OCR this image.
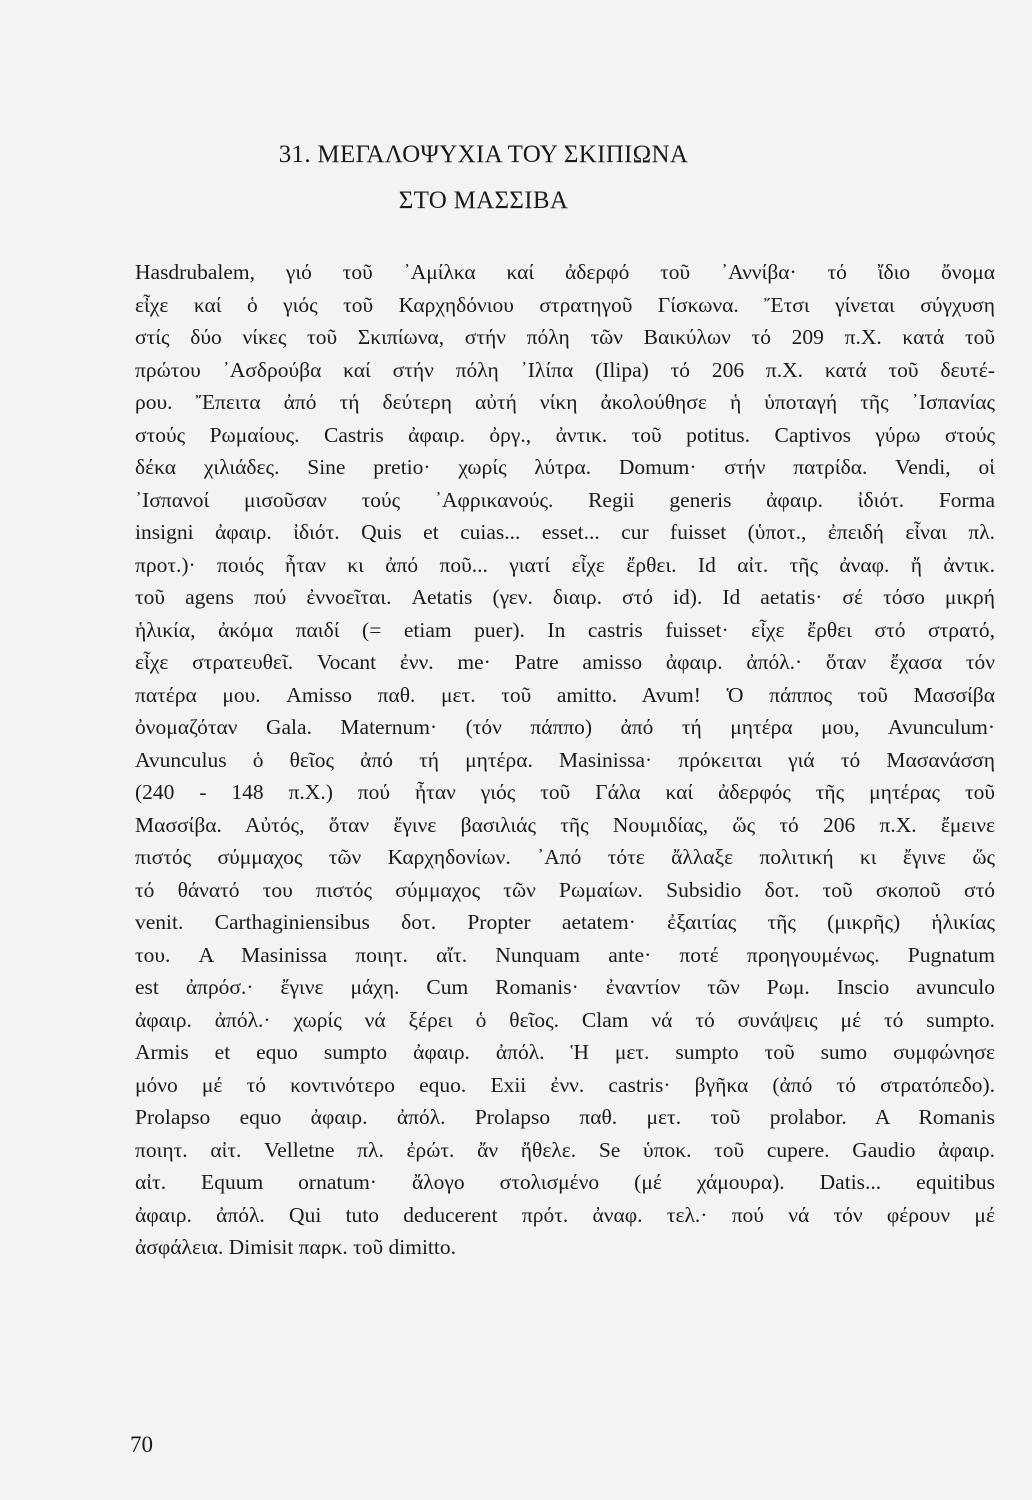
31. ΜΕΓΑΛΟΨΥΧΙΑ ΤΟΥ ΣΚΙΠΙΩΝΑ
ΣΤΟ ΜΑΣΣΙΒΑ
Hasdrubalem, γιό τοῦ ᾽Αμίλκα καί ἀδερφό τοῦ ᾽Αννίβα· τό ἴδιο ὄνομα
εἶχε καί ὁ γιός τοῦ Καρχηδόνιου στρατηγοῦ Γίσκωνα. Ἔτσι γίνεται σύγχυση
στίς δύο νίκες τοῦ Σκιπίωνα, στήν πόλη τῶν Βαικύλων τό 209 π.Χ. κατά τοῦ
πρώτου ᾽Ασδρούβα καί στήν πόλη ᾽Ιλίπα (Ilipa) τό 206 π.Χ. κατά τοῦ δευτέ-
ρου. Ἔπειτα ἀπό τή δεύτερη αὐτή νίκη ἀκολούθησε ἡ ὑποταγή τῆς ᾽Ισπανίας
στούς Ρωμαίους. Castris ἀφαιρ. ὀργ., ἀντικ. τοῦ potitus. Captivos γύρω στούς
δέκα χιλιάδες. Sine pretio· χωρίς λύτρα. Domum· στήν πατρίδα. Vendi, οἱ
᾽Ισπανοί μισοῦσαν τούς ᾽Αφρικανούς. Regii generis ἀφαιρ. ἰδιότ. Forma
insigni ἀφαιρ. ἰδιότ. Quis et cuias... esset... cur fuisset (ὑποτ., ἐπειδή εἶναι πλ.
προτ.)· ποιός ἦταν κι ἀπό ποῦ... γιατί εἶχε ἔρθει. Id αἰτ. τῆς ἀναφ. ἤ ἀντικ.
τοῦ agens πού ἐννοεῖται. Aetatis (γεν. διαιρ. στό id). Id aetatis· σέ τόσο μικρή
ἡλικία, ἀκόμα παιδί (= etiam puer). In castris fuisset· εἶχε ἔρθει στό στρατό,
εἶχε στρατευθεῖ. Vocant ἐνν. me· Patre amisso ἀφαιρ. ἀπόλ.· ὅταν ἔχασα τόν
πατέρα μου. Amisso παθ. μετ. τοῦ amitto. Avum! Ὁ πάππος τοῦ Μασσίβα
ὀνομαζόταν Gala. Maternum· (τόν πάππο) ἀπό τή μητέρα μου, Avunculum·
Avunculus ὁ θεῖος ἀπό τή μητέρα. Masinissa· πρόκειται γιά τό Μασανάσση
(240 - 148 π.Χ.) πού ἦταν γιός τοῦ Γάλα καί ἀδερφός τῆς μητέρας τοῦ
Μασσίβα. Αὐτός, ὅταν ἔγινε βασιλιάς τῆς Νουμιδίας, ὥς τό 206 π.Χ. ἔμεινε
πιστός σύμμαχος τῶν Καρχηδονίων. ᾽Από τότε ἄλλαξε πολιτική κι ἔγινε ὥς
τό θάνατό του πιστός σύμμαχος τῶν Ρωμαίων. Subsidio δοτ. τοῦ σκοποῦ στό
venit. Carthaginiensibus δοτ. Propter aetatem· ἐξαιτίας τῆς (μικρῆς) ἡλικίας
του. A Masinissa ποιητ. αἴτ. Nunquam ante· ποτέ προηγουμένως. Pugnatum
est ἀπρόσ.· ἔγινε μάχη. Cum Romanis· ἐναντίον τῶν Ρωμ. Inscio avunculo
ἀφαιρ. ἀπόλ.· χωρίς νά ξέρει ὁ θεῖος. Clam νά τό συνάψεις μέ τό sumpto.
Armis et equo sumpto ἀφαιρ. ἀπόλ. Ἡ μετ. sumpto τοῦ sumo συμφώνησε
μόνο μέ τό κοντινότερο equo. Exii ἐνν. castris· βγῆκα (ἀπό τό στρατόπεδο).
Prolapso equo ἀφαιρ. ἀπόλ. Prolapso παθ. μετ. τοῦ prolabor. A Romanis
ποιητ. αἰτ. Velletne πλ. ἐρώτ. ἄν ἤθελε. Se ὑποκ. τοῦ cupere. Gaudio ἀφαιρ.
αἰτ. Equum ornatum· ἄλογο στολισμένο (μέ χάμουρα). Datis... equitibus
ἀφαιρ. ἀπόλ. Qui tuto deducerent πρότ. ἀναφ. τελ.· πού νά τόν φέρουν μέ
ἀσφάλεια. Dimisit παρκ. τοῦ dimitto.
70
